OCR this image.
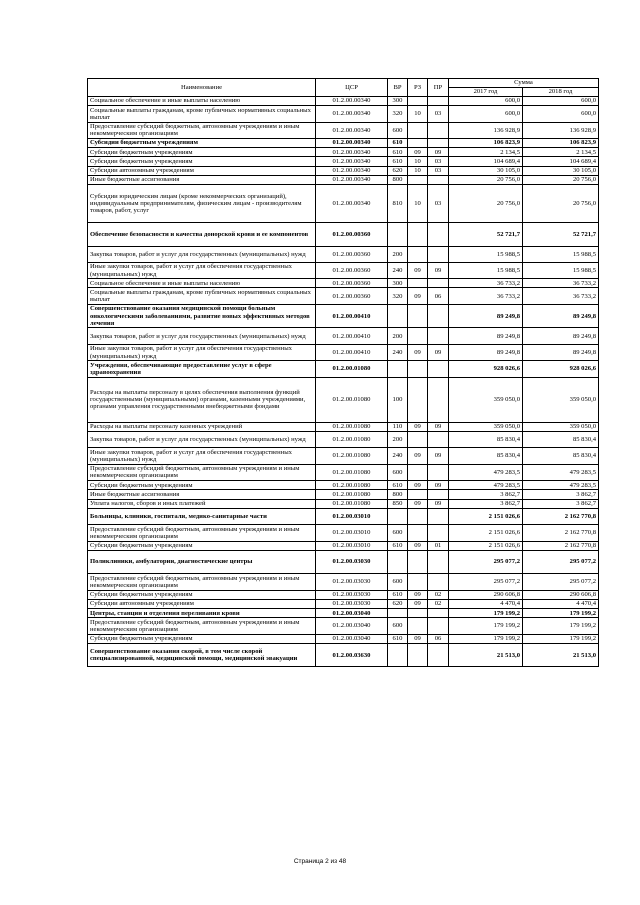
Наименование	ЦСР	ВР	РЗ	ПР	Сумма	
					2017 год	2018 год
Социальное обеспечение и иные выплаты населению	01.2.00.00340	300			600,0	600,0
Социальные выплаты гражданам, кроме публичных нормативных социальных выплат	01.2.00.00340	320	10	03	600,0	600,0
Предоставление субсидий бюджетным, автономным учреждениям и иным некоммерческим организациям	01.2.00.00340	600			136 928,9	136 928,9
Субсидии бюджетным учреждениям	01.2.00.00340	610			106 823,9	106 823,9
Субсидии бюджетным учреждениям	01.2.00.00340	610	09	09	2 134,5	2 134,5
Субсидии бюджетным учреждениям	01.2.00.00340	610	10	03	104 689,4	104 689,4
Субсидии автономным учреждениям	01.2.00.00340	620	10	03	30 105,0	30 105,0
Иные бюджетные ассигнования	01.2.00.00340	800			20 756,0	20 756,0
Субсидии юридическим лицам (кроме некоммерческих организаций), индивидуальным предпринимателям, физическим лицам - производителям товаров, работ, услуг	01.2.00.00340	810	10	03	20 756,0	20 756,0
Обеспечение безопасности и качества донорской крови и ее компонентов	01.2.00.00360				52 721,7	52 721,7
Закупка товаров, работ и услуг для государственных (муниципальных) нужд	01.2.00.00360	200			15 988,5	15 988,5
Иные закупки товаров, работ и услуг для обеспечения государственных (муниципальных) нужд	01.2.00.00360	240	09	09	15 988,5	15 988,5
Социальное обеспечение и иные выплаты населению	01.2.00.00360	300			36 733,2	36 733,2
Социальные выплаты гражданам, кроме публичных нормативных социальных выплат	01.2.00.00360	320	09	06	36 733,2	36 733,2
Совершенствование оказания медицинской помощи больным онкологическими заболеваниями, развитие новых эффективных методов лечения	01.2.00.00410				89 249,8	89 249,8
Закупка товаров, работ и услуг для государственных (муниципальных) нужд	01.2.00.00410	200			89 249,8	89 249,8
Иные закупки товаров, работ и услуг для обеспечения государственных (муниципальных) нужд	01.2.00.00410	240	09	09	89 249,8	89 249,8
Учреждения, обеспечивающие предоставление услуг в сфере здравоохранения	01.2.00.01080				928 026,6	928 026,6
Расходы на выплаты персоналу в целях обеспечения выполнения функций государственными (муниципальными) органами, казенными учреждениями, органами управления государственными внебюджетными фондами	01.2.00.01080	100			359 050,0	359 050,0
Расходы на выплаты персоналу казенных учреждений	01.2.00.01080	110	09	09	359 050,0	359 050,0
Закупка товаров, работ и услуг для государственных (муниципальных) нужд	01.2.00.01080	200			85 830,4	85 830,4
Иные закупки товаров, работ и услуг для обеспечения государственных (муниципальных) нужд	01.2.00.01080	240	09	09	85 830,4	85 830,4
Предоставление субсидий бюджетным, автономным учреждениям и иным некоммерческим организациям	01.2.00.01080	600			479 283,5	479 283,5
Субсидии бюджетным учреждениям	01.2.00.01080	610	09	09	479 283,5	479 283,5
Иные бюджетные ассигнования	01.2.00.01080	800			3 862,7	3 862,7
Уплата налогов, сборов и иных платежей	01.2.00.01080	850	09	09	3 862,7	3 862,7
Больницы, клиники, госпитали, медико-санитарные части	01.2.00.03010				2 151 026,6	2 162 770,8
Предоставление субсидий бюджетным, автономным учреждениям и иным некоммерческим организациям	01.2.00.03010	600			2 151 026,6	2 162 770,8
Субсидии бюджетным учреждениям	01.2.00.03010	610	09	01	2 151 026,6	2 162 770,8
Поликлиники, амбулатории, диагностические центры	01.2.00.03030				295 077,2	295 077,2
Предоставление субсидий бюджетным, автономным учреждениям и иным некоммерческим организациям	01.2.00.03030	600			295 077,2	295 077,2
Субсидии бюджетным учреждениям	01.2.00.03030	610	09	02	290 606,8	290 606,8
Субсидии автономным учреждениям	01.2.00.03030	620	09	02	4 470,4	4 470,4
Центры, станции и отделения переливания крови	01.2.00.03040				179 199,2	179 199,2
Предоставление субсидий бюджетным, автономным учреждениям и иным некоммерческим организациям	01.2.00.03040	600			179 199,2	179 199,2
Субсидии бюджетным учреждениям	01.2.00.03040	610	09	06	179 199,2	179 199,2
Совершенствование оказания скорой, в том числе скорой специализированной, медицинской помощи, медицинской эвакуации	01.2.00.03630				21 513,0	21 513,0
Страница 2 из 48
